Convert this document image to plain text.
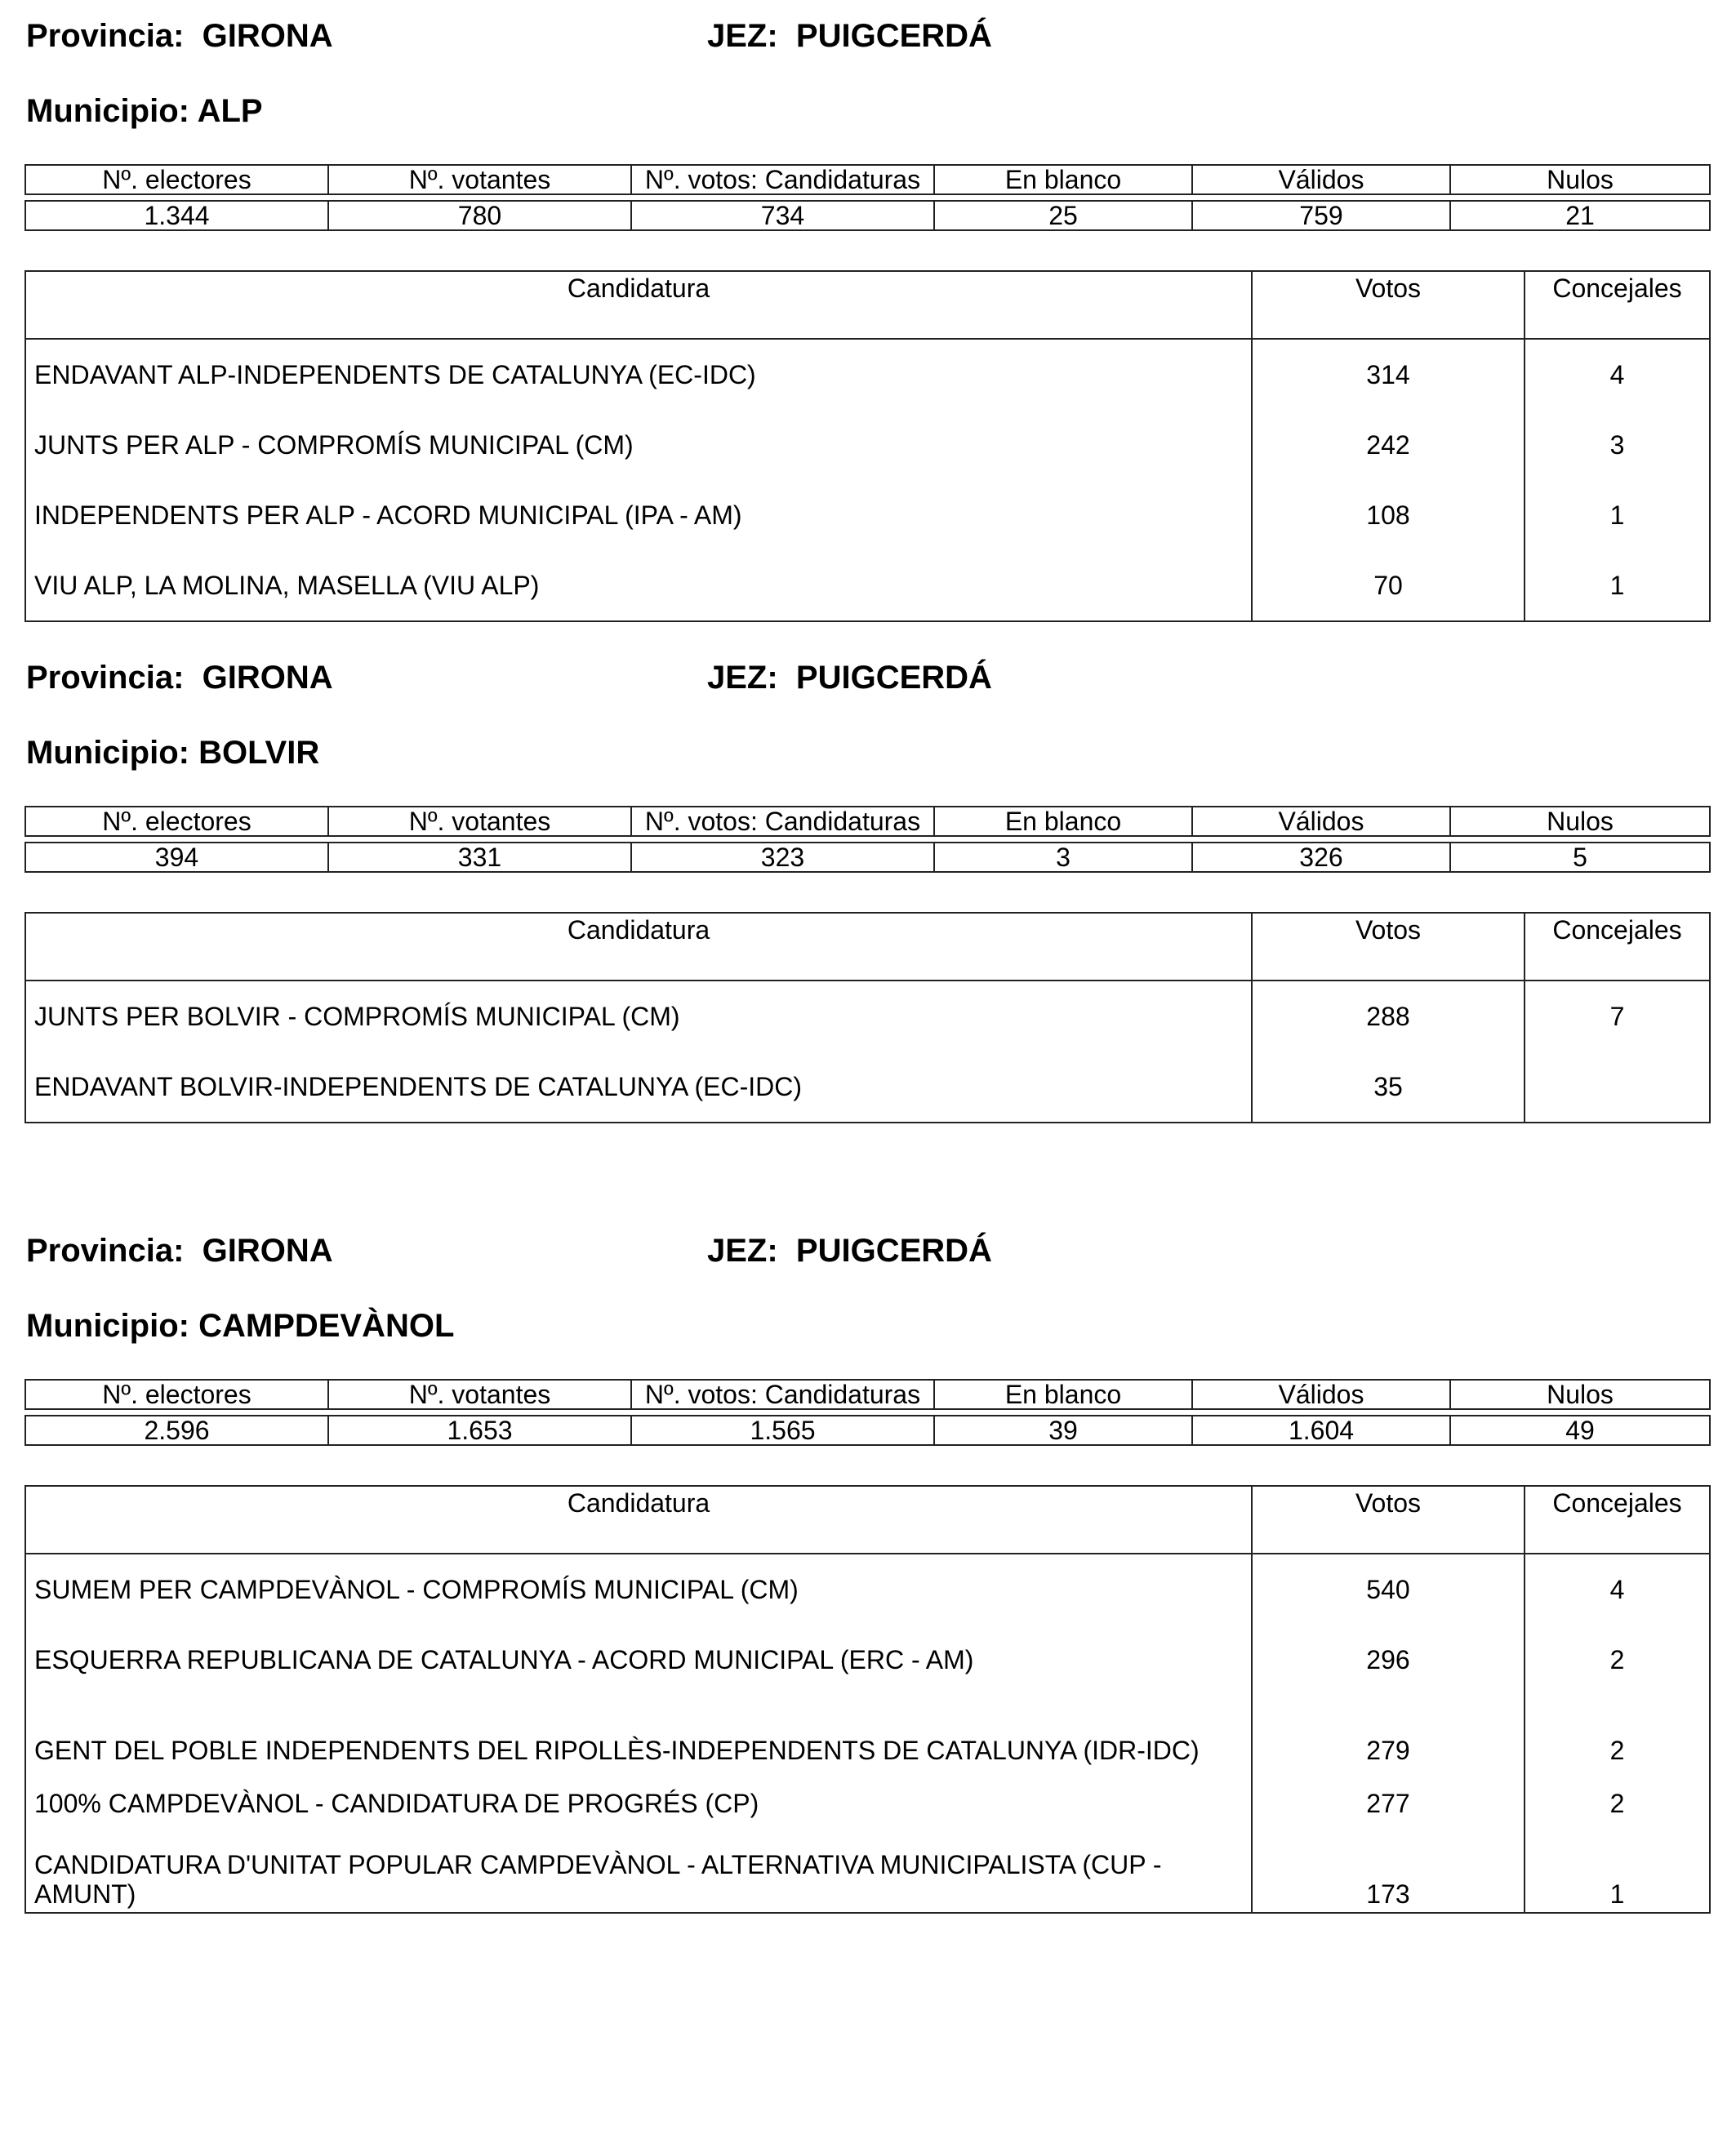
Provincia: GIRONA	JEZ: PUIGCERDÁ
Municipio: ALP
Nº. electores	Nº. votantes	Nº. votos: Candidaturas	En blanco	Válidos	Nulos

1.344	780	734	25	759	21
Candidatura	Votos	Concejales
ENDAVANT ALP-INDEPENDENTS DE CATALUNYA (EC-IDC)	314	4
JUNTS PER ALP - COMPROMÍS MUNICIPAL (CM)	242	3
INDEPENDENTS PER ALP - ACORD MUNICIPAL (IPA - AM)	108	1
VIU ALP, LA MOLINA, MASELLA (VIU ALP)	70	1
Provincia: GIRONA	JEZ: PUIGCERDÁ
Municipio: BOLVIR
Nº. electores	Nº. votantes	Nº. votos: Candidaturas	En blanco	Válidos	Nulos

394	331	323	3	326	5
Candidatura	Votos	Concejales
JUNTS PER BOLVIR - COMPROMÍS MUNICIPAL (CM)	288	7
ENDAVANT BOLVIR-INDEPENDENTS DE CATALUNYA (EC-IDC)	35	
Provincia: GIRONA	JEZ: PUIGCERDÁ
Municipio: CAMPDEVÀNOL
Nº. electores	Nº. votantes	Nº. votos: Candidaturas	En blanco	Válidos	Nulos

2.596	1.653	1.565	39	1.604	49
Candidatura	Votos	Concejales
SUMEM PER CAMPDEVÀNOL - COMPROMÍS MUNICIPAL (CM)	540	4
ESQUERRA REPUBLICANA DE CATALUNYA - ACORD MUNICIPAL (ERC - AM)	296	2
GENT DEL POBLE INDEPENDENTS DEL RIPOLLÈS-INDEPENDENTS DE CATALUNYA (IDR-IDC)	279	2
100% CAMPDEVÀNOL - CANDIDATURA DE PROGRÉS (CP)	277	2
CANDIDATURA D'UNITAT POPULAR CAMPDEVÀNOL - ALTERNATIVA MUNICIPALISTA (CUP - AMUNT)	173	1
